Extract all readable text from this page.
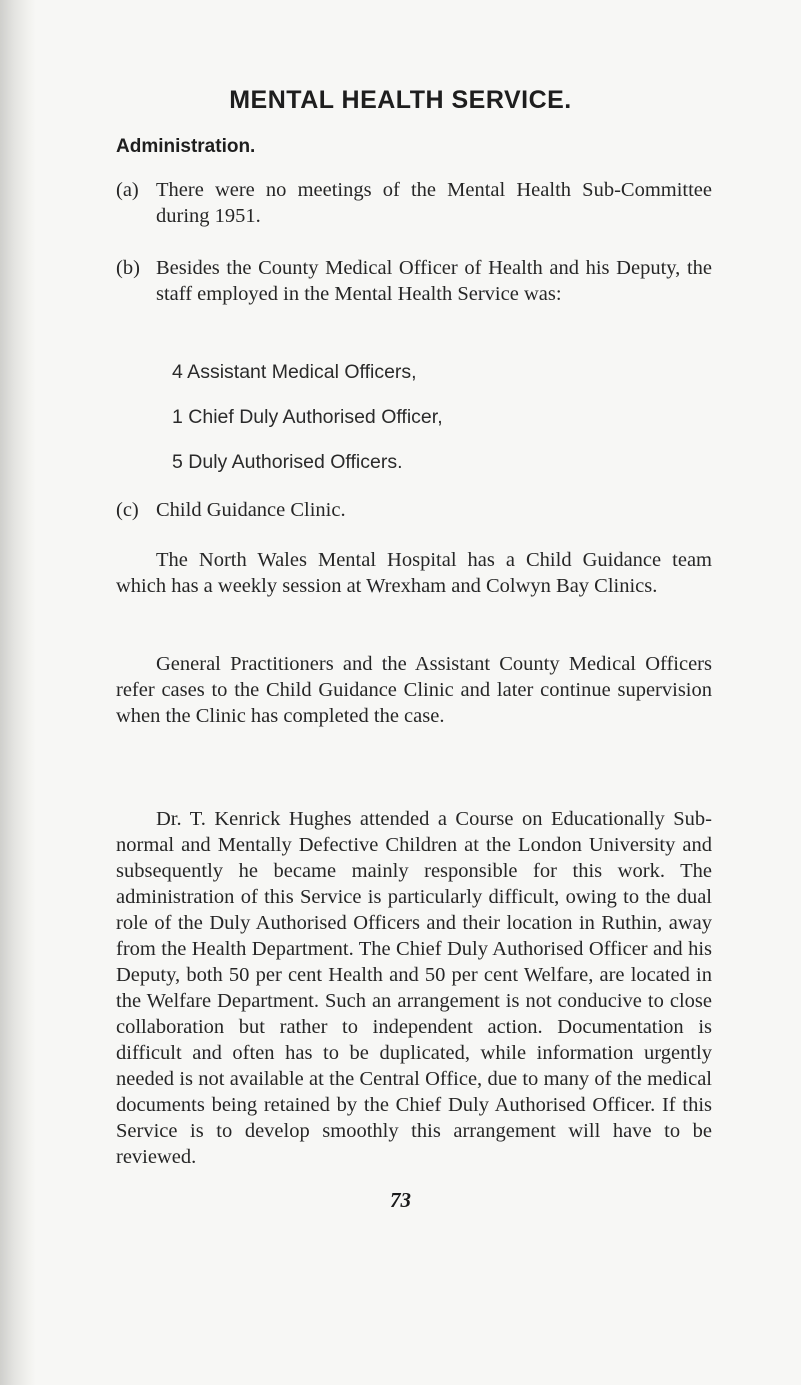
MENTAL HEALTH SERVICE.
Administration.
(a) There were no meetings of the Mental Health Sub-Committee during 1951.
(b) Besides the County Medical Officer of Health and his Deputy, the staff employed in the Mental Health Service was:
4 Assistant Medical Officers,
1 Chief Duly Authorised Officer,
5 Duly Authorised Officers.
(c) Child Guidance Clinic.
The North Wales Mental Hospital has a Child Guidance team which has a weekly session at Wrexham and Colwyn Bay Clinics.
General Practitioners and the Assistant County Medical Officers refer cases to the Child Guidance Clinic and later continue supervision when the Clinic has completed the case.
Dr. T. Kenrick Hughes attended a Course on Educationally Sub-normal and Mentally Defective Children at the London University and subsequently he became mainly responsible for this work. The administration of this Service is particularly difficult, owing to the dual role of the Duly Authorised Officers and their location in Ruthin, away from the Health Department. The Chief Duly Authorised Officer and his Deputy, both 50 per cent Health and 50 per cent Welfare, are located in the Welfare Department. Such an arrangement is not conducive to close collaboration but rather to independent action. Documentation is difficult and often has to be duplicated, while information urgently needed is not available at the Central Office, due to many of the medical documents being retained by the Chief Duly Authorised Officer. If this Service is to develop smoothly this arrangement will have to be reviewed.
73
